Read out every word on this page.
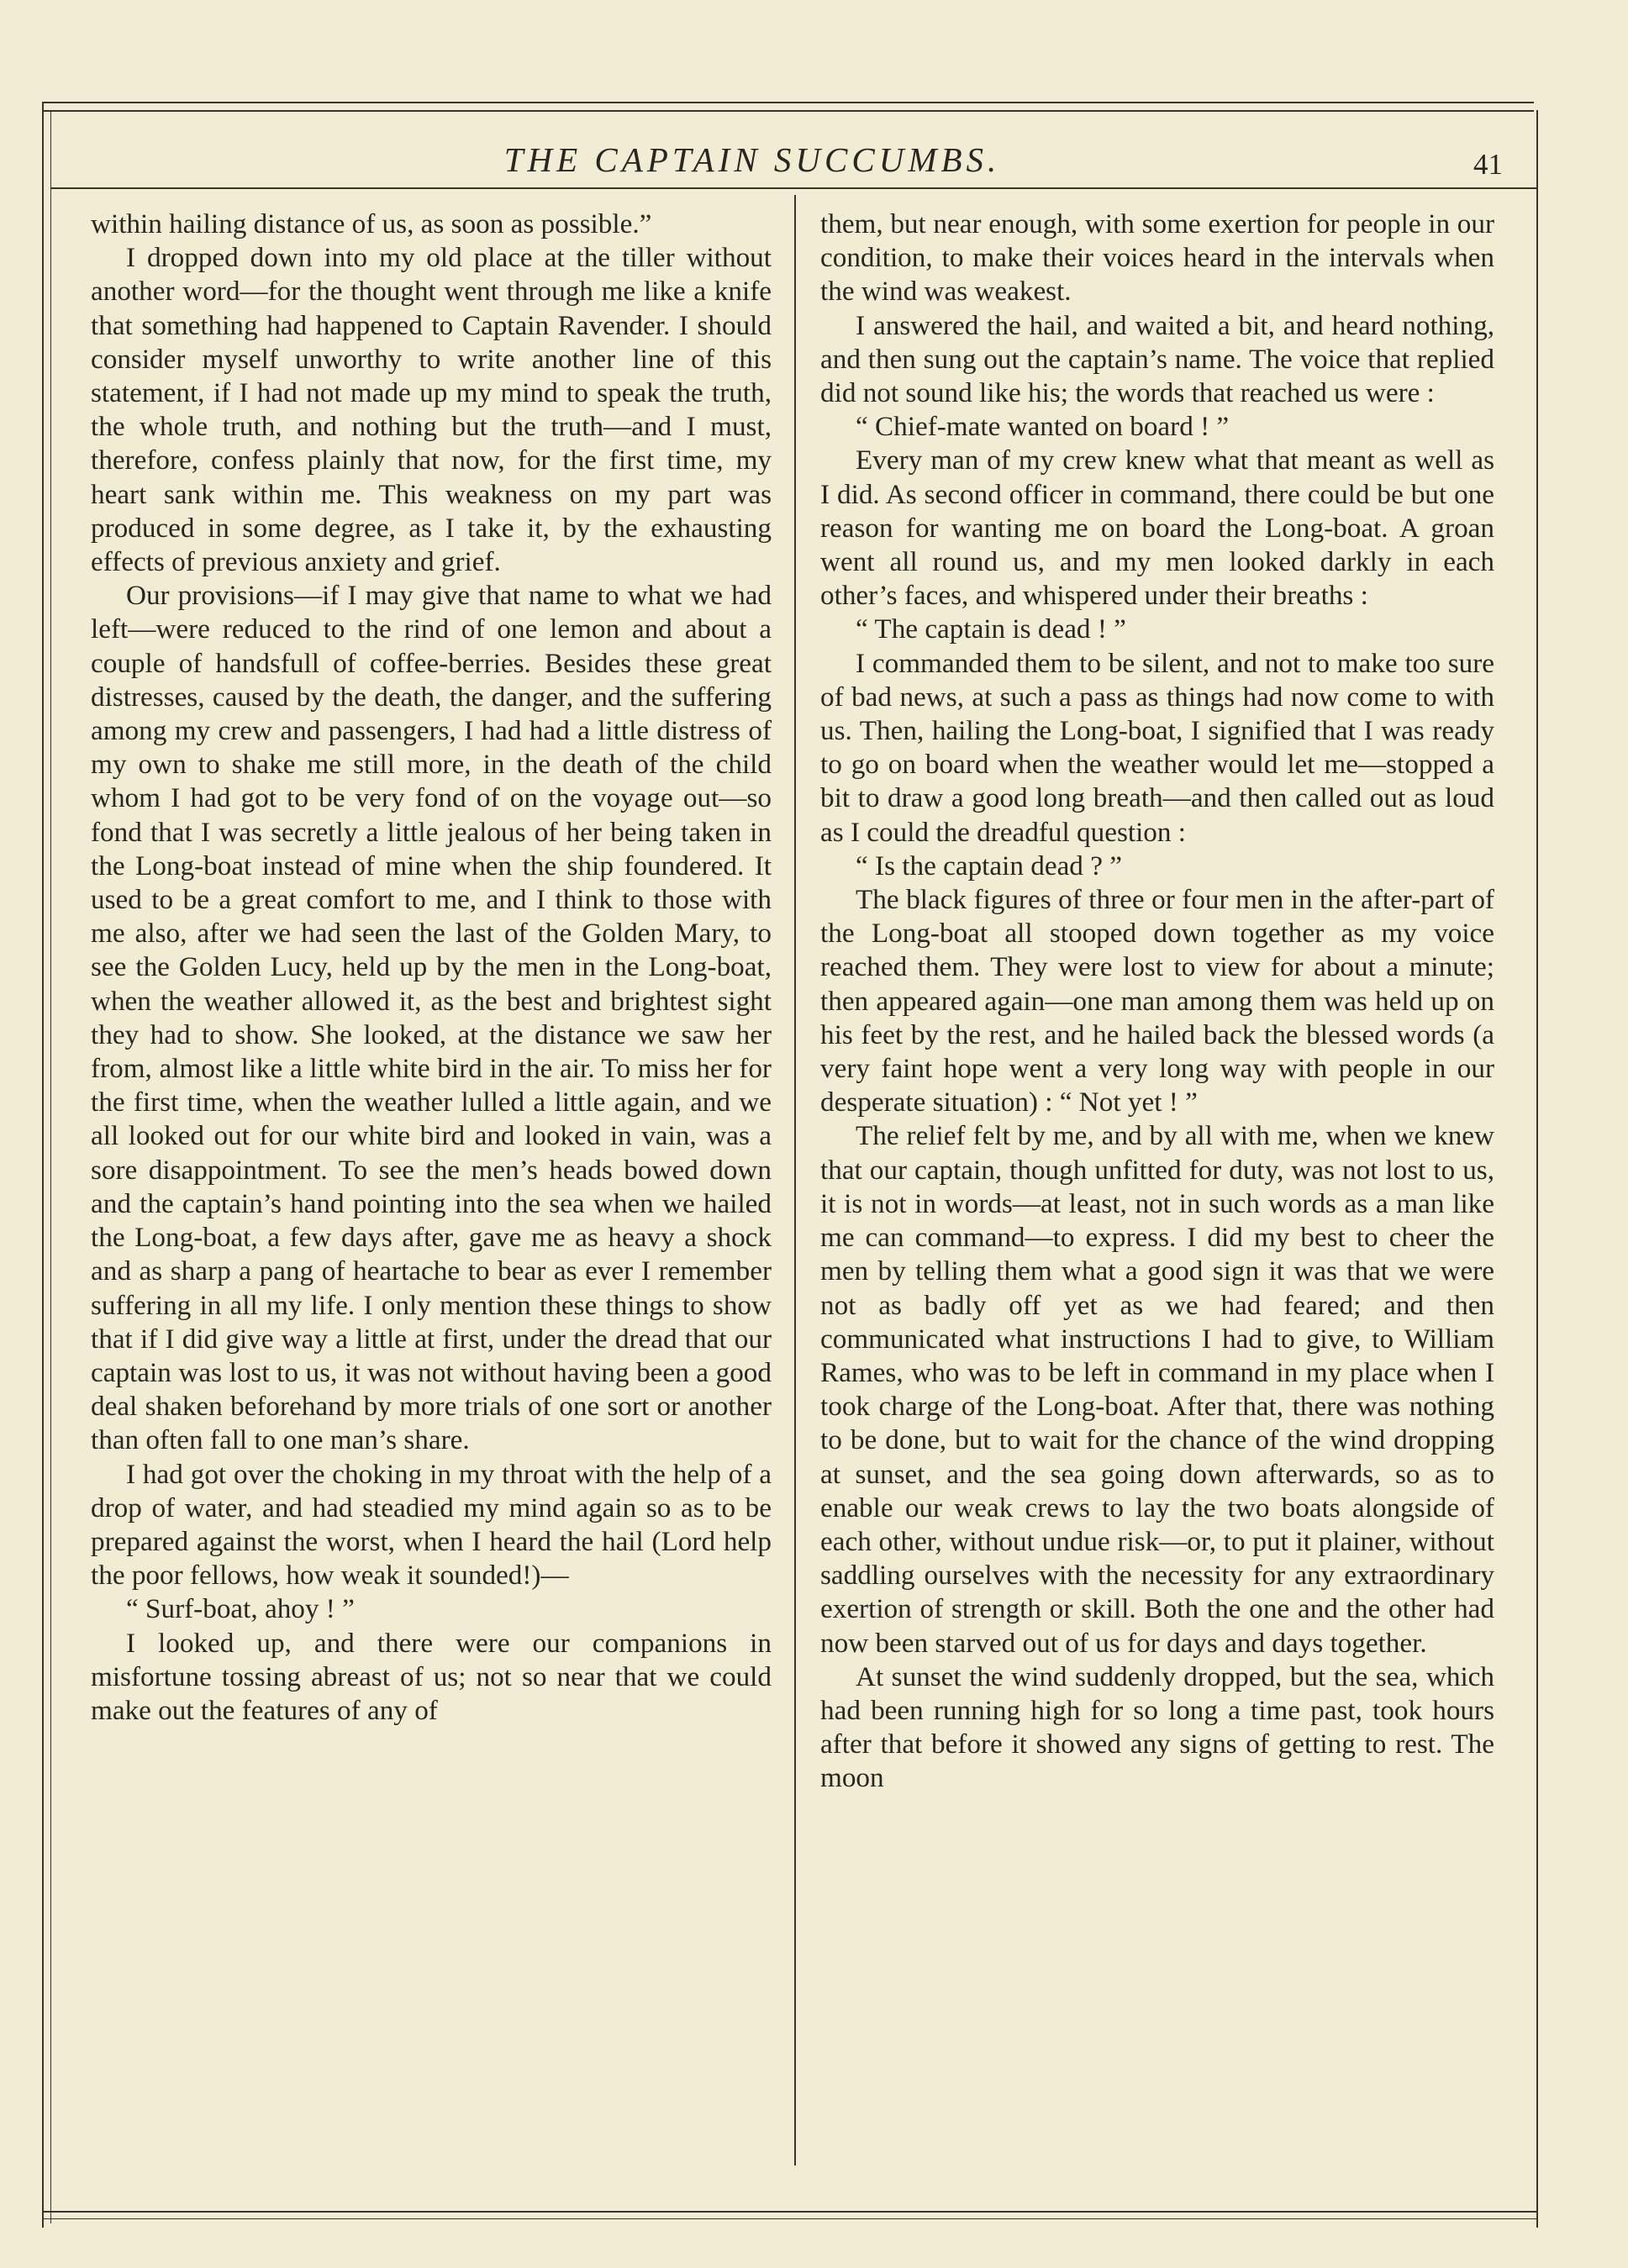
THE CAPTAIN SUCCUMBS.	41

within hailing distance of us, as soon as possible.”

I dropped down into my old place at the tiller without another word—for the thought went through me like a knife that something had happened to Captain Ravender. I should consider myself unworthy to write another line of this statement, if I had not made up my mind to speak the truth, the whole truth, and nothing but the truth—and I must, therefore, confess plainly that now, for the first time, my heart sank within me. This weakness on my part was produced in some degree, as I take it, by the exhausting effects of previous anxiety and grief.

Our provisions—if I may give that name to what we had left—were reduced to the rind of one lemon and about a couple of handsfull of coffee-berries. Besides these great distresses, caused by the death, the danger, and the suffering among my crew and passengers, I had had a little distress of my own to shake me still more, in the death of the child whom I had got to be very fond of on the voyage out—so fond that I was secretly a little jealous of her being taken in the Long-boat instead of mine when the ship foundered. It used to be a great comfort to me, and I think to those with me also, after we had seen the last of the Golden Mary, to see the Golden Lucy, held up by the men in the Long-boat, when the weather allowed it, as the best and brightest sight they had to show. She looked, at the distance we saw her from, almost like a little white bird in the air. To miss her for the first time, when the weather lulled a little again, and we all looked out for our white bird and looked in vain, was a sore disappointment. To see the men’s heads bowed down and the captain’s hand pointing into the sea when we hailed the Long-boat, a few days after, gave me as heavy a shock and as sharp a pang of heartache to bear as ever I remember suffering in all my life. I only mention these things to show that if I did give way a little at first, under the dread that our captain was lost to us, it was not without having been a good deal shaken beforehand by more trials of one sort or another than often fall to one man’s share.

I had got over the choking in my throat with the help of a drop of water, and had steadied my mind again so as to be prepared against the worst, when I heard the hail (Lord help the poor fellows, how weak it sounded!)—

“ Surf-boat, ahoy ! ”

I looked up, and there were our companions in misfortune tossing abreast of us; not so near that we could make out the features of any of

them, but near enough, with some exertion for people in our condition, to make their voices heard in the intervals when the wind was weakest.

I answered the hail, and waited a bit, and heard nothing, and then sung out the captain’s name. The voice that replied did not sound like his; the words that reached us were :

“ Chief-mate wanted on board ! ”

Every man of my crew knew what that meant as well as I did. As second officer in command, there could be but one reason for wanting me on board the Long-boat. A groan went all round us, and my men looked darkly in each other’s faces, and whispered under their breaths :

“ The captain is dead ! ”

I commanded them to be silent, and not to make too sure of bad news, at such a pass as things had now come to with us. Then, hailing the Long-boat, I signified that I was ready to go on board when the weather would let me—stopped a bit to draw a good long breath—and then called out as loud as I could the dreadful question :

“ Is the captain dead ? ”

The black figures of three or four men in the after-part of the Long-boat all stooped down together as my voice reached them. They were lost to view for about a minute; then appeared again—one man among them was held up on his feet by the rest, and he hailed back the blessed words (a very faint hope went a very long way with people in our desperate situation) : “ Not yet ! ”

The relief felt by me, and by all with me, when we knew that our captain, though unfitted for duty, was not lost to us, it is not in words—at least, not in such words as a man like me can command—to express. I did my best to cheer the men by telling them what a good sign it was that we were not as badly off yet as we had feared; and then communicated what instructions I had to give, to William Rames, who was to be left in command in my place when I took charge of the Long-boat. After that, there was nothing to be done, but to wait for the chance of the wind dropping at sunset, and the sea going down afterwards, so as to enable our weak crews to lay the two boats alongside of each other, without undue risk—or, to put it plainer, without saddling ourselves with the necessity for any extraordinary exertion of strength or skill. Both the one and the other had now been starved out of us for days and days together.

At sunset the wind suddenly dropped, but the sea, which had been running high for so long a time past, took hours after that before it showed any signs of getting to rest. The moon
